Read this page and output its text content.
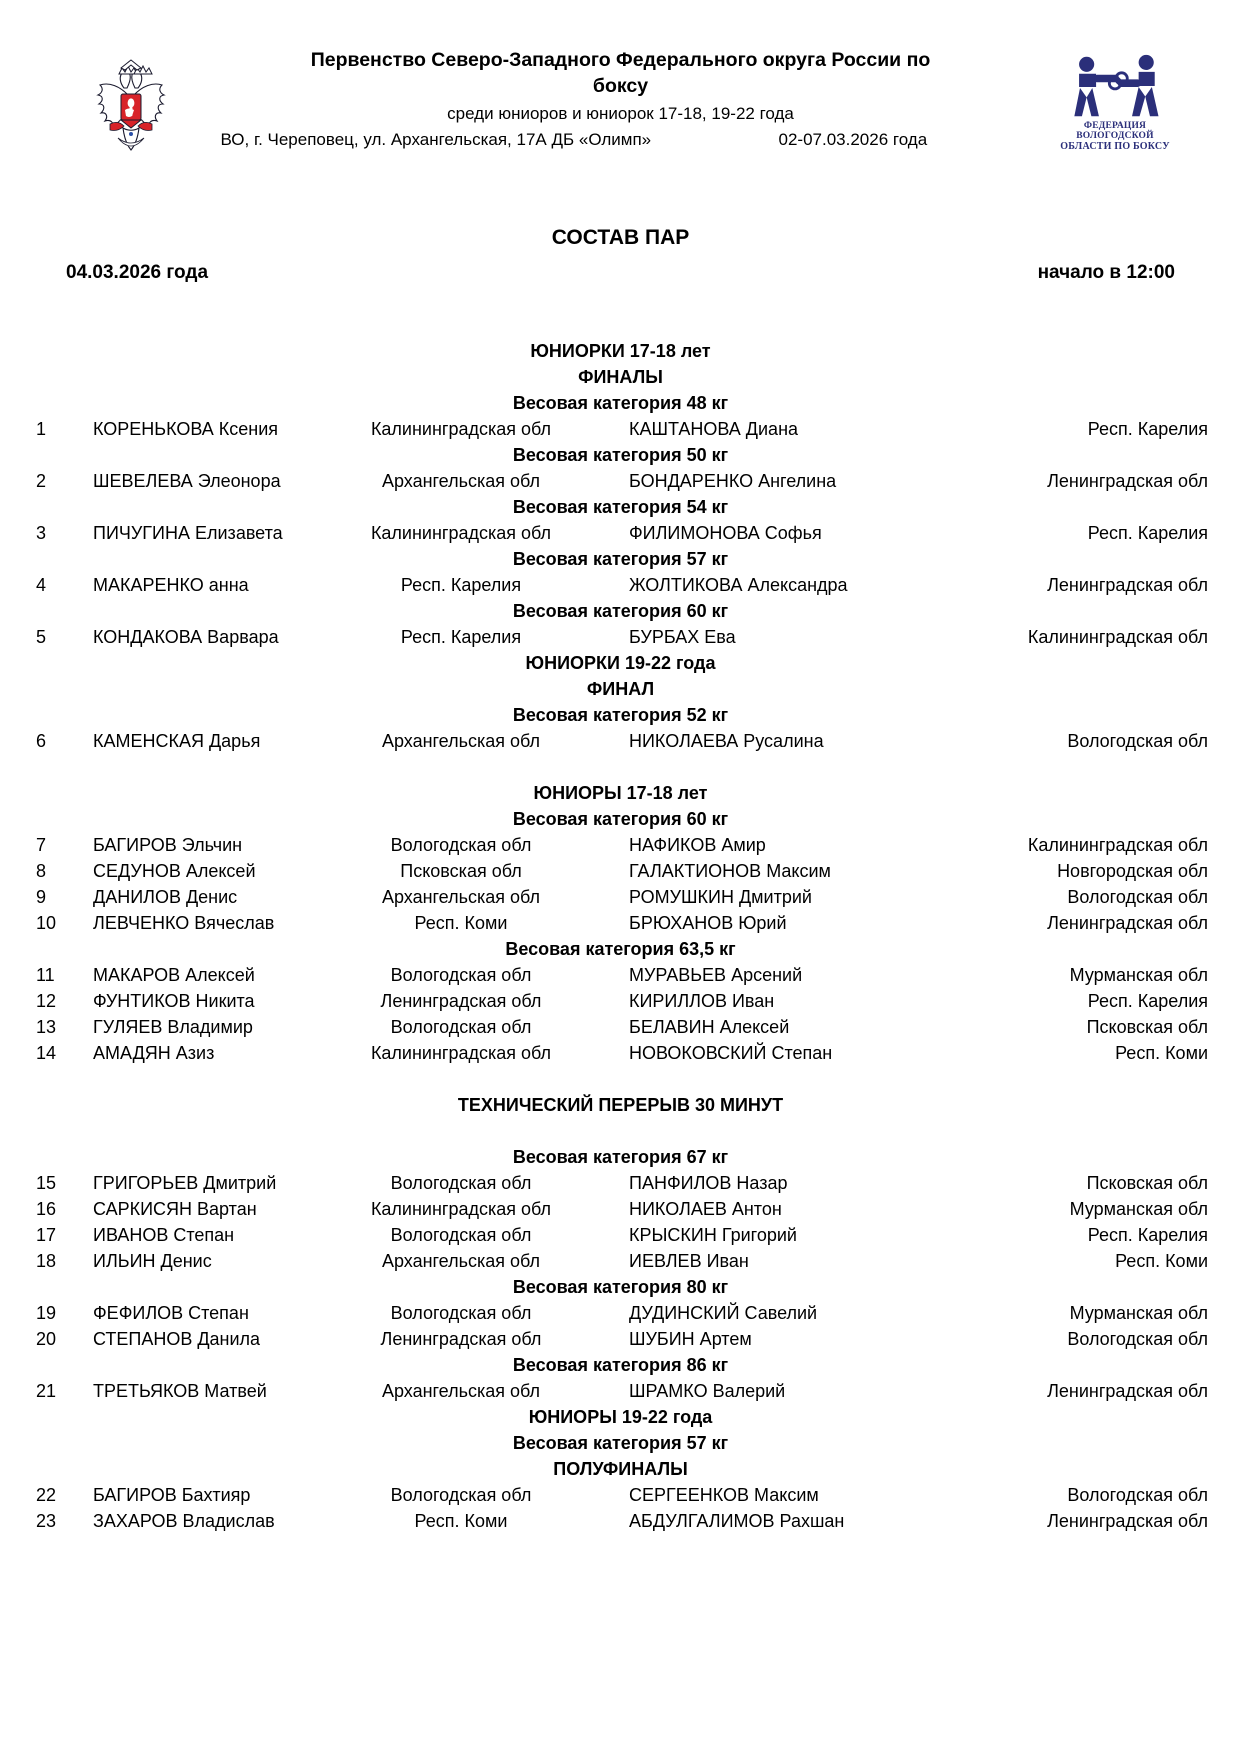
Первенство Северо-Западного Федерального округа России по
боксу
среди юниоров и юниорок 17-18, 19-22 года
ВО, г. Череповец, ул. Архангельская, 17А ДБ «Олимп»	02-07.03.2026 года
ФЕДЕРАЦИЯ
ВОЛОГОДСКОЙ
ОБЛАСТИ ПО БОКСУ
СОСТАВ ПАР
04.03.2026 года	начало в 12:00
ЮНИОРКИ 17-18 лет
ФИНАЛЫ
Весовая категория 48 кг
1	КОРЕНЬКОВА Ксения	Калининградская обл	КАШТАНОВА Диана	Респ. Карелия
Весовая категория 50 кг
2	ШЕВЕЛЕВА Элеонора	Архангельская обл	БОНДАРЕНКО Ангелина	Ленинградская обл
Весовая категория 54 кг
3	ПИЧУГИНА Елизавета	Калининградская обл	ФИЛИМОНОВА Софья	Респ. Карелия
Весовая категория 57 кг
4	МАКАРЕНКО анна	Респ. Карелия	ЖОЛТИКОВА Александра	Ленинградская обл
Весовая категория 60 кг
5	КОНДАКОВА Варвара	Респ. Карелия	БУРБАХ Ева	Калининградская обл
ЮНИОРКИ 19-22 года
ФИНАЛ
Весовая категория 52 кг
6	КАМЕНСКАЯ Дарья	Архангельская обл	НИКОЛАЕВА Русалина	Вологодская обл
ЮНИОРЫ 17-18 лет
Весовая категория 60 кг
7	БАГИРОВ Эльчин	Вологодская обл	НАФИКОВ Амир	Калининградская обл
8	СЕДУНОВ Алексей	Псковская обл	ГАЛАКТИОНОВ Максим	Новгородская обл
9	ДАНИЛОВ Денис	Архангельская обл	РОМУШКИН Дмитрий	Вологодская обл
10	ЛЕВЧЕНКО Вячеслав	Респ. Коми	БРЮХАНОВ Юрий	Ленинградская обл
Весовая категория 63,5 кг
11	МАКАРОВ Алексей	Вологодская обл	МУРАВЬЕВ Арсений	Мурманская обл
12	ФУНТИКОВ Никита	Ленинградская обл	КИРИЛЛОВ Иван	Респ. Карелия
13	ГУЛЯЕВ Владимир	Вологодская обл	БЕЛАВИН Алексей	Псковская обл
14	АМАДЯН Азиз	Калининградская обл	НОВОКОВСКИЙ Степан	Респ. Коми
ТЕХНИЧЕСКИЙ ПЕРЕРЫВ 30 МИНУТ
Весовая категория 67 кг
15	ГРИГОРЬЕВ Дмитрий	Вологодская обл	ПАНФИЛОВ Назар	Псковская обл
16	САРКИСЯН Вартан	Калининградская обл	НИКОЛАЕВ Антон	Мурманская обл
17	ИВАНОВ Степан	Вологодская обл	КРЫСКИН Григорий	Респ. Карелия
18	ИЛЬИН Денис	Архангельская обл	ИЕВЛЕВ Иван	Респ. Коми
Весовая категория 80 кг
19	ФЕФИЛОВ Степан	Вологодская обл	ДУДИНСКИЙ Савелий	Мурманская обл
20	СТЕПАНОВ Данила	Ленинградская обл	ШУБИН Артем	Вологодская обл
Весовая категория 86 кг
21	ТРЕТЬЯКОВ Матвей	Архангельская обл	ШРАМКО Валерий	Ленинградская обл
ЮНИОРЫ 19-22 года
Весовая категория 57 кг
ПОЛУФИНАЛЫ
22	БАГИРОВ Бахтияр	Вологодская обл	СЕРГЕЕНКОВ Максим	Вологодская обл
23	ЗАХАРОВ Владислав	Респ. Коми	АБДУЛГАЛИМОВ Рахшан	Ленинградская обл
